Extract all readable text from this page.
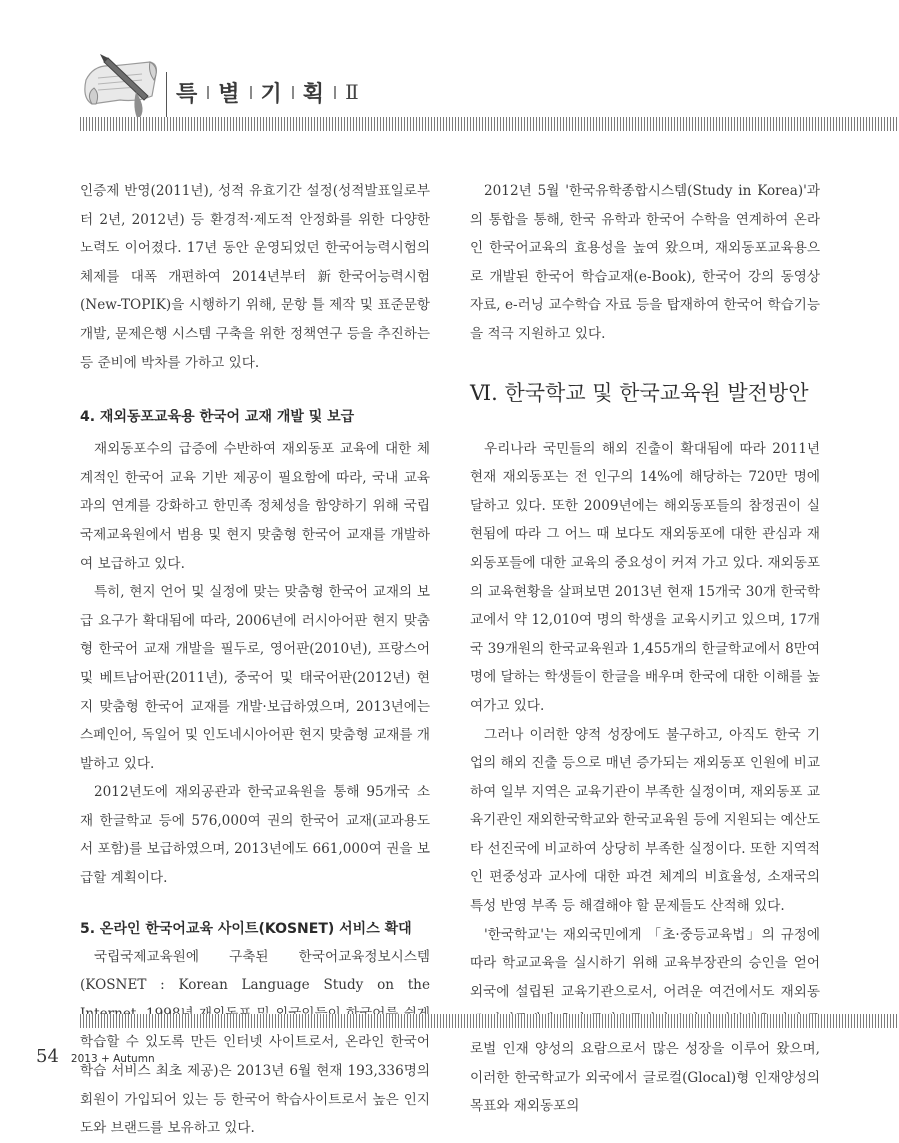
특 별 기 획 Ⅱ

인증제 반영(2011년), 성적 유효기간 설정(성적발표일로부터 2년, 2012년) 등 환경적·제도적 안정화를 위한 다양한 노력도 이어졌다. 17년 동안 운영되었던 한국어능력시험의 체제를 대폭 개편하여 2014년부터 新한국어능력시험(New-TOPIK)을 시행하기 위해, 문항 틀 제작 및 표준문항 개발, 문제은행 시스템 구축을 위한 정책연구 등을 추진하는 등 준비에 박차를 가하고 있다.

4. 재외동포교육용 한국어 교재 개발 및 보급

재외동포수의 급증에 수반하여 재외동포 교육에 대한 체계적인 한국어 교육 기반 제공이 필요함에 따라, 국내 교육과의 연계를 강화하고 한민족 정체성을 함양하기 위해 국립국제교육원에서 범용 및 현지 맞춤형 한국어 교재를 개발하여 보급하고 있다.

특히, 현지 언어 및 실정에 맞는 맞춤형 한국어 교재의 보급 요구가 확대됨에 따라, 2006년에 러시아어판 현지 맞춤형 한국어 교재 개발을 필두로, 영어판(2010년), 프랑스어 및 베트남어판(2011년), 중국어 및 태국어판(2012년) 현지 맞춤형 한국어 교재를 개발·보급하였으며, 2013년에는 스페인어, 독일어 및 인도네시아어판 현지 맞춤형 교재를 개발하고 있다.

2012년도에 재외공관과 한국교육원을 통해 95개국 소재 한글학교 등에 576,000여 권의 한국어 교재(교과용도서 포함)를 보급하였으며, 2013년에도 661,000여 권을 보급할 계획이다.

5. 온라인 한국어교육 사이트(KOSNET) 서비스 확대

국립국제교육원에 구축된 한국어교육정보시스템(KOSNET : Korean Language Study on the 학습할 수 있도록 만든 인터넷 사이트로서, 온라인 한국어 학습 서비스 최초 제공)은 2013년 6월 현재 193,336명의 회원이 가입되어 있는 등 한국어 학습사이트로서 높은 인지도와 브랜드를 보유하고 있다.

2012년 5월 '한국유학종합시스템(Study in Korea)'과의 통합을 통해, 한국 유학과 한국어 수학을 연계하여 온라인 한국어교육의 효용성을 높여 왔으며, 재외동포교육용으로 개발된 한국어 학습교재(e-Book), 한국어 강의 동영상 자료, e-러닝 교수학습 자료 등을 탑재하여 한국어 학습기능을 적극 지원하고 있다.

Ⅵ. 한국학교 및 한국교육원 발전방안

우리나라 국민들의 해외 진출이 확대됨에 따라 2011년 현재 재외동포는 전 인구의 14%에 해당하는 720만 명에 달하고 있다. 또한 2009년에는 해외동포들의 참정권이 실현됨에 따라 그 어느 때 보다도 재외동포에 대한 관심과 재외동포들에 대한 교육의 중요성이 커져 가고 있다. 재외동포의 교육현황을 살펴보면 2013년 현재 15개국 30개 한국학교에서 약 12,010여 명의 학생을 교육시키고 있으며, 17개국 39개원의 한국교육원과 1,455개의 한글학교에서 8만여 명에 달하는 학생들이 한글을 배우며 한국에 대한 이해를 높여가고 있다.

그러나 이러한 양적 성장에도 불구하고, 아직도 한국 기업의 해외 진출 등으로 매년 증가되는 재외동포 인원에 비교하여 일부 지역은 교육기관이 부족한 실정이며, 재외동포 교육기관인 재외한국학교와 한국교육원 등에 지원되는 예산도 타 선진국에 비교하여 상당히 부족한 실정이다. 또한 지역적인 편중성과 교사에 대한 파견 체계의 비효율성, 소재국의 특성 반영 부족 등 해결해야 할 문제들도 산적해 있다.

'한국학교'는 재외국민에게 「초·중등교육법」의 규정에 따라 학교교육을 실시하기 위해 교육부장관의 승인을 얻어 외국에 설립된 교육기관으로서, 어려운 여건에서도 재외동 로벌 인재 양성의 요람으로서 많은 성장을 이루어 왔으며, 이러한 한국학교가 외국에서 글로컬(Glocal)형 인재양성의 목표와 재외동포의

54 2013 + Autumn
